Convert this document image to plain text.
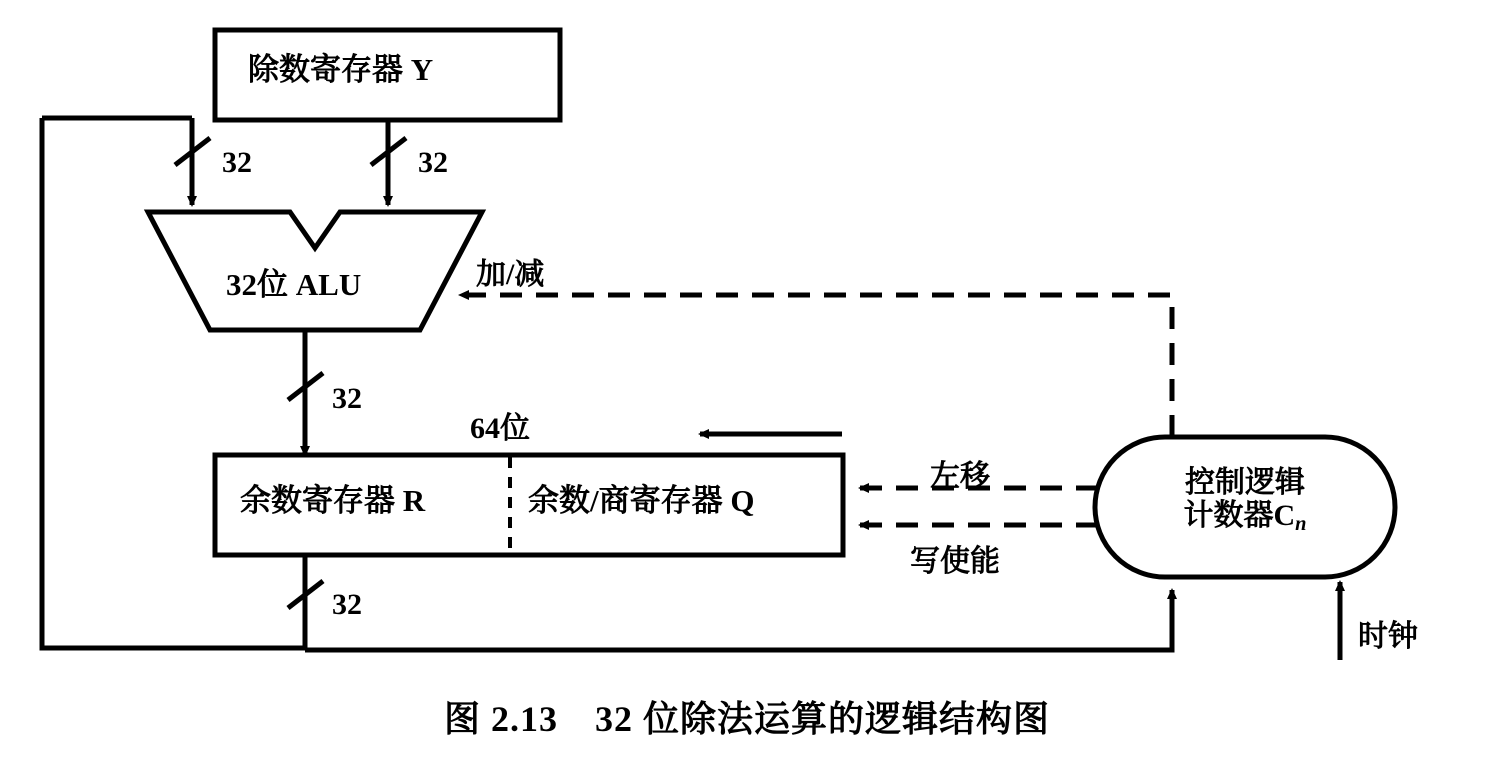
除数寄存器 Y
32	32
32位 ALU	加/减
32
64位
余数寄存器 R	余数/商寄存器 Q
左移
写使能
控制逻辑
计数器$C_n$
32
时钟
图 2.13　32 位除法运算的逻辑结构图
